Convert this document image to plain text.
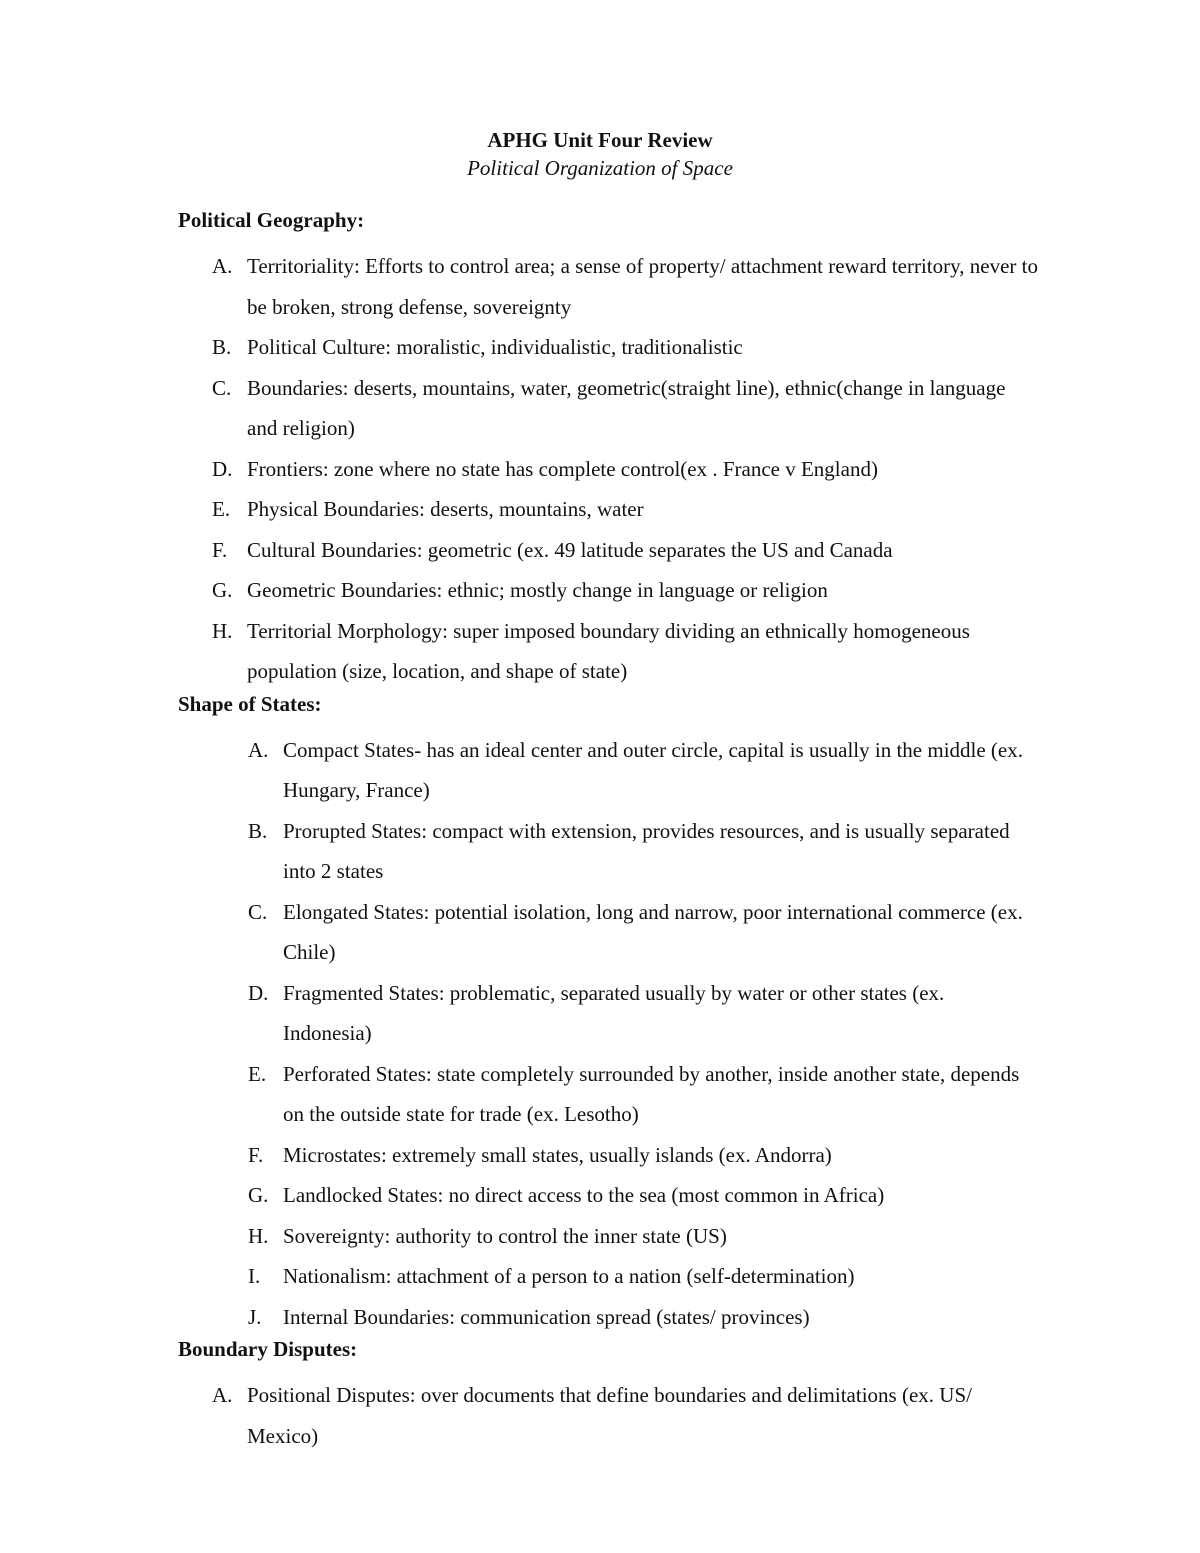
APHG Unit Four Review
Political Organization of Space
Political Geography:
A. Territoriality: Efforts to control area; a sense of property/ attachment reward territory, never to be broken, strong defense, sovereignty
B. Political Culture: moralistic, individualistic, traditionalistic
C. Boundaries: deserts, mountains, water, geometric(straight line), ethnic(change in language and religion)
D. Frontiers: zone where no state has complete control(ex . France v England)
E. Physical Boundaries: deserts, mountains, water
F. Cultural Boundaries: geometric (ex. 49 latitude separates the US and Canada
G. Geometric Boundaries: ethnic; mostly change in language or religion
H. Territorial Morphology: super imposed boundary dividing an ethnically homogeneous population (size, location, and shape of state)
Shape of States:
A. Compact States- has an ideal center and outer circle, capital is usually in the middle (ex. Hungary, France)
B. Prorupted States: compact with extension, provides resources, and is usually separated into 2 states
C. Elongated States: potential isolation, long and narrow, poor international commerce (ex. Chile)
D. Fragmented States: problematic, separated usually by water or other states (ex. Indonesia)
E. Perforated States: state completely surrounded by another, inside another state, depends on the outside state for trade (ex. Lesotho)
F. Microstates: extremely small states, usually islands (ex. Andorra)
G. Landlocked States: no direct access to the sea (most common in Africa)
H. Sovereignty: authority to control the inner state (US)
I. Nationalism: attachment of a person to a nation (self-determination)
J. Internal Boundaries: communication spread (states/ provinces)
Boundary Disputes:
A. Positional Disputes: over documents that define boundaries and delimitations (ex. US/ Mexico)
